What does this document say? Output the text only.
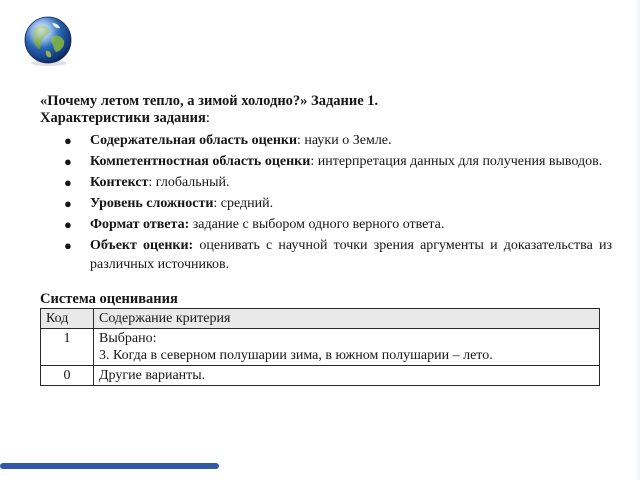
«Почему летом тепло, а зимой холодно?» Задание 1.

Характеристики задания:

● Содержательная область оценки: науки о Земле.
● Компетентностная область оценки: интерпретация данных для получения выводов.
● Контекст: глобальный.
● Уровень сложности: средний.
● Формат ответа: задание с выбором одного верного ответа.
● Объект оценки: оценивать с научной точки зрения аргументы и доказательства из различных источников.

Система оценивания

Код	Содержание критерия
1	Выбрано:
3. Когда в северном полушарии зима, в южном полушарии – лето.

0	Другие варианты.
